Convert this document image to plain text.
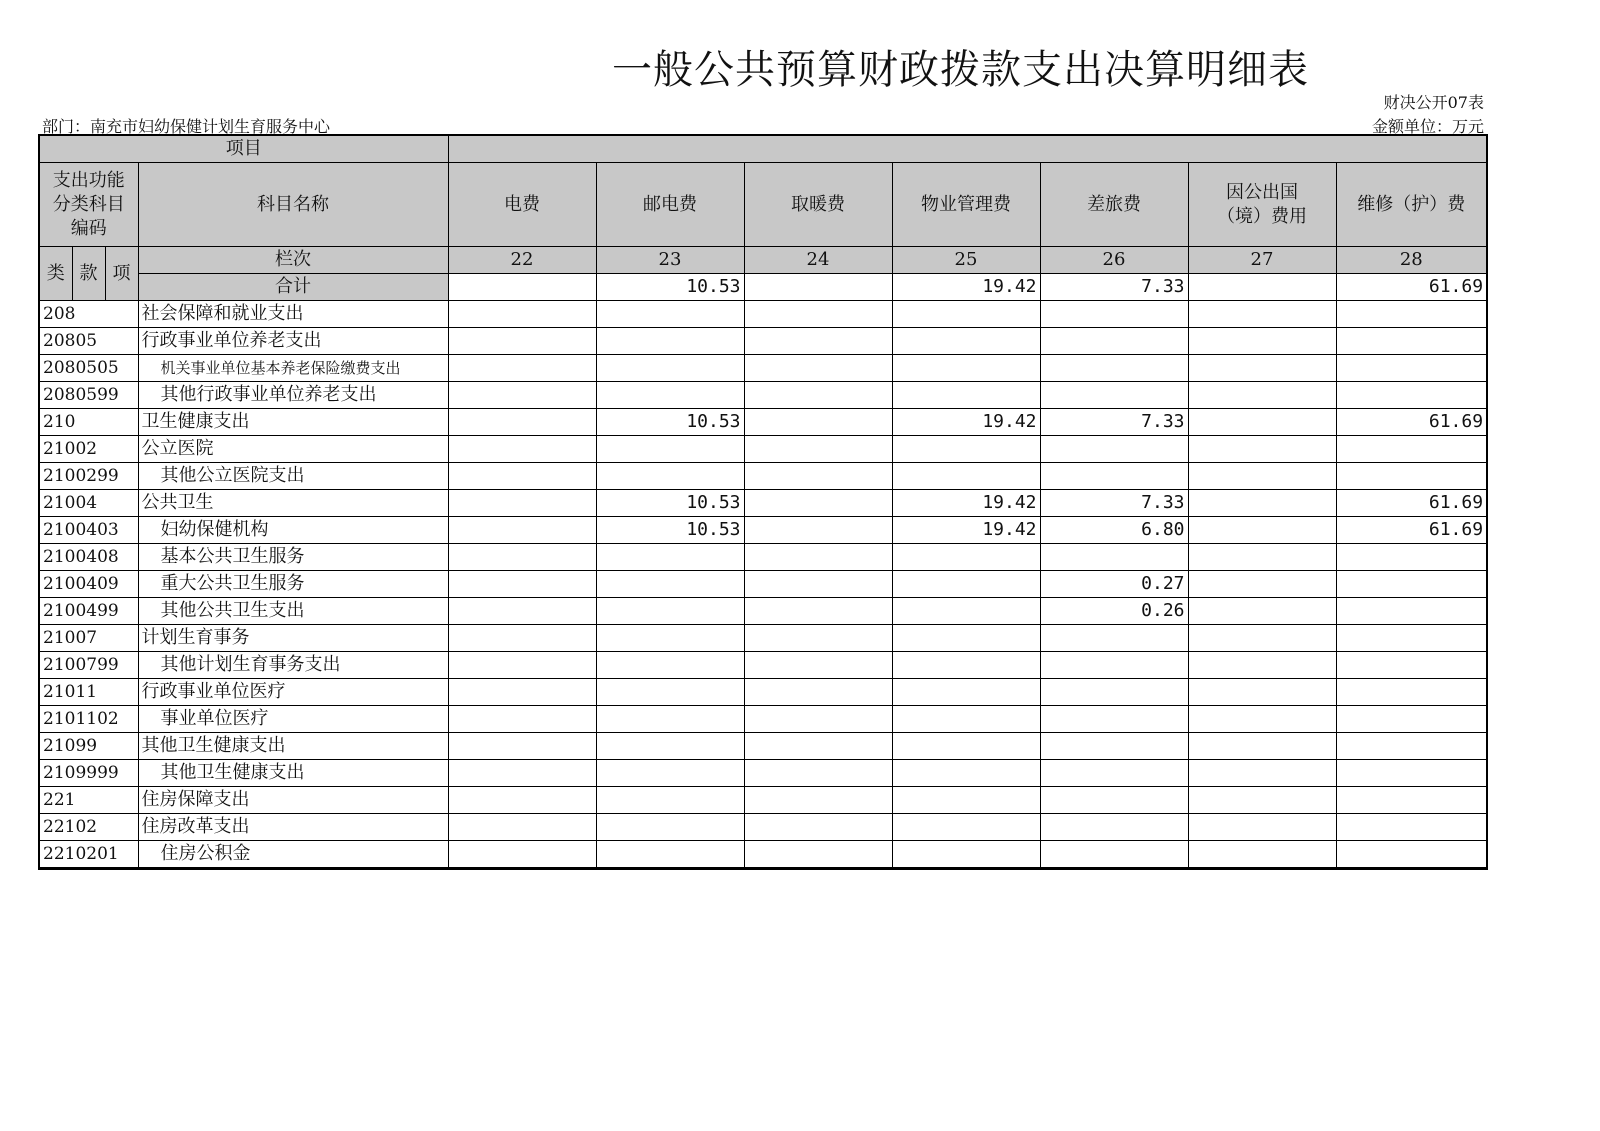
一般公共预算财政拨款支出决算明细表
财决公开07表
部门：南充市妇幼保健计划生育服务中心	金额单位：万元
项目										
支出功能分类科目编码			科目名称	电费	邮电费	取暖费	物业管理费	差旅费	因公出国（境）费用	维修（护）费
类	款	项	栏次	22	23	24	25	26	27	28
			合计		10.53		19.42	7.33		61.69
208			社会保障和就业支出							
20805			行政事业单位养老支出							
2080505			机关事业单位基本养老保险缴费支出							
2080599			其他行政事业单位养老支出							
210			卫生健康支出		10.53		19.42	7.33		61.69
21002			公立医院							
2100299			其他公立医院支出							
21004			公共卫生		10.53		19.42	7.33		61.69
2100403			妇幼保健机构		10.53		19.42	6.80		61.69
2100408			基本公共卫生服务							
2100409			重大公共卫生服务					0.27		
2100499			其他公共卫生支出					0.26		
21007			计划生育事务							
2100799			其他计划生育事务支出							
21011			行政事业单位医疗							
2101102			事业单位医疗							
21099			其他卫生健康支出							
2109999			其他卫生健康支出							
221			住房保障支出							
22102			住房改革支出							
2210201			住房公积金							
